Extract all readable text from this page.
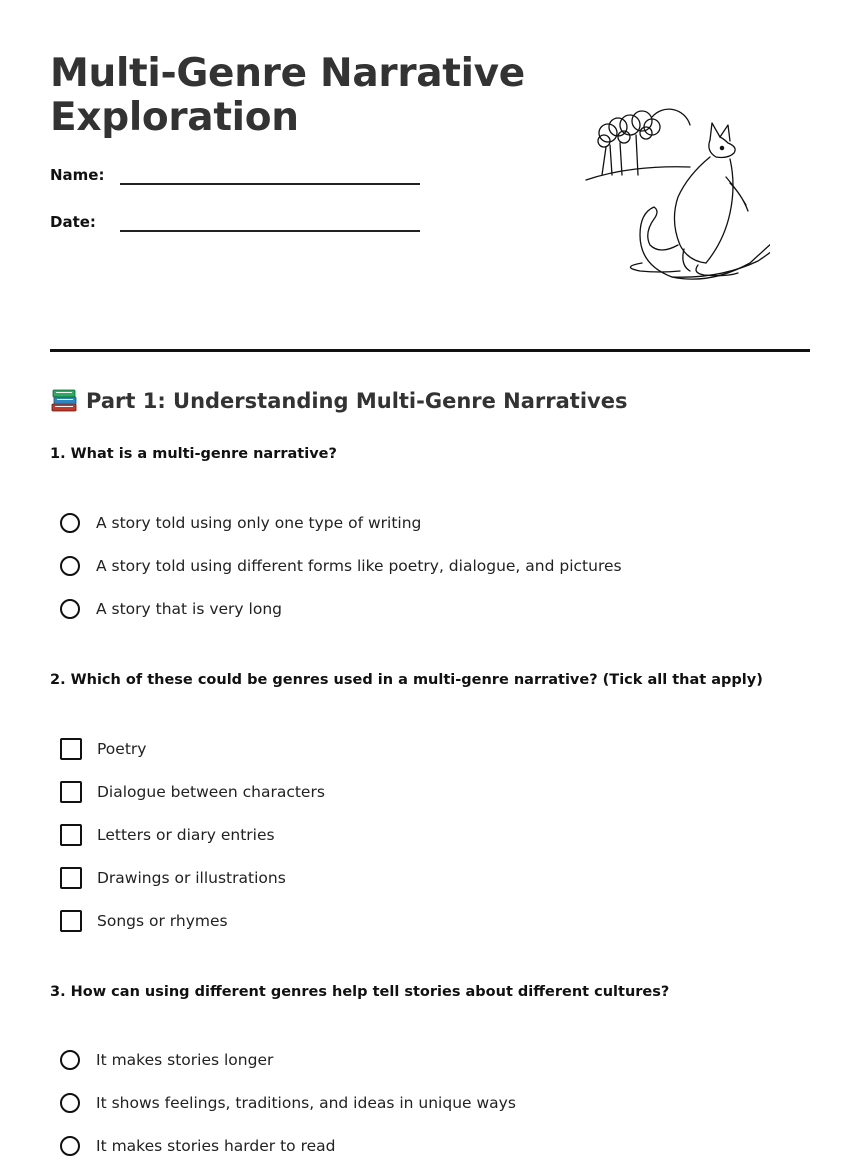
Multi-Genre Narrative Exploration
Name:
Date:
Part 1: Understanding Multi-Genre Narratives

1. What is a multi-genre narrative?

A story told using only one type of writing
A story told using different forms like poetry, dialogue, and pictures
A story that is very long

2. Which of these could be genres used in a multi-genre narrative? (Tick all that apply)

Poetry
Dialogue between characters
Letters or diary entries
Drawings or illustrations
Songs or rhymes

3. How can using different genres help tell stories about different cultures?

It makes stories longer
It shows feelings, traditions, and ideas in unique ways
It makes stories harder to read
